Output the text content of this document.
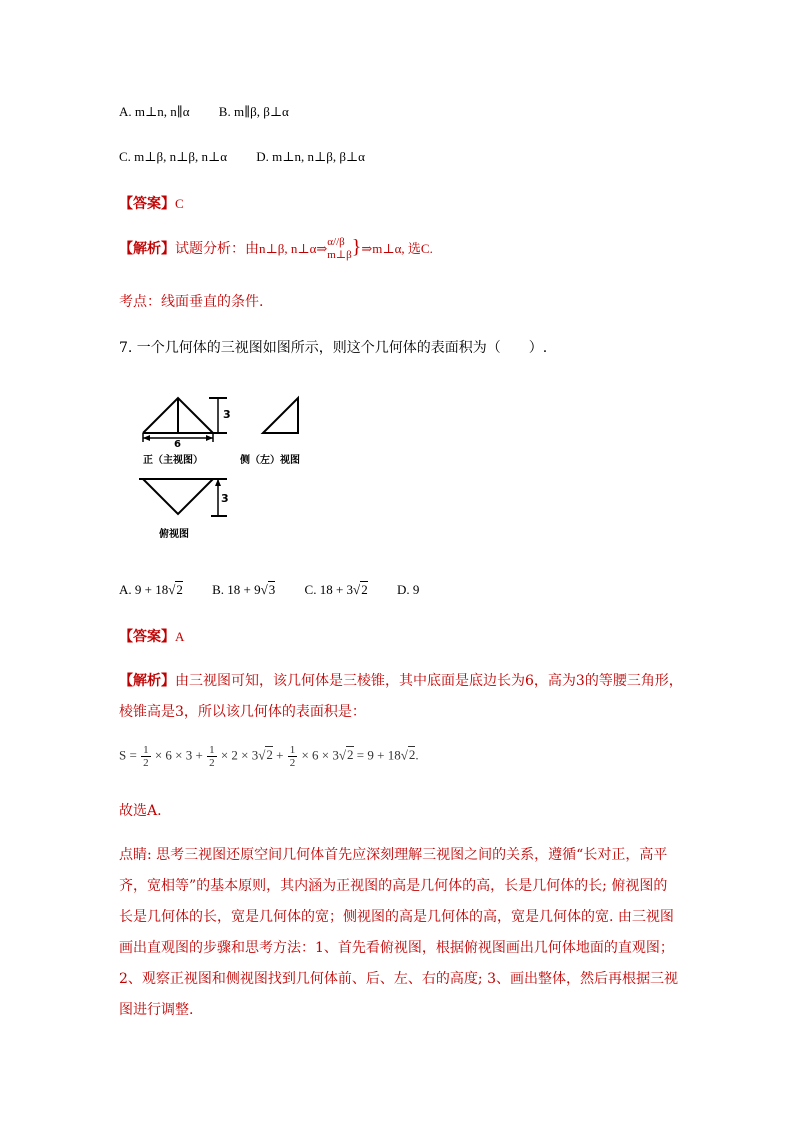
A. m⊥n, n∥α B. m∥β, β⊥α
C. m⊥β, n⊥β, n⊥α D. m⊥n, n⊥β, β⊥α
【答案】C
【解析】试题分析：由n⊥β, n⊥α⇒ α//β
m⊥β }⇒m⊥α, 选C.
考点：线面垂直的条件.
7. 一个几何体的三视图如图所示，则这个几何体的表面积为（　　）.
6
3
正（主视图）	侧（左）视图
3
俯视图
A. 9 + 18√2 B. 18 + 9√3 C. 18 + 3√2 D. 9
【答案】A
【解析】由三视图可知，该几何体是三棱锥，其中底面是底边长为6，高为3的等腰三角形，
棱锥高是3，所以该几何体的表面积是：
$S = \frac{1}{2} \times 6 \times 3 + \frac{1}{2} \times 2 \times 3√2 + \frac{1}{2} \times 6 \times 3√2 = 9 + 18√2$.
故选A.
点睛: 思考三视图还原空间几何体首先应深刻理解三视图之间的关系，遵循“长对正，高平
齐，宽相等”的基本原则，其内涵为正视图的高是几何体的高，长是几何体的长; 俯视图的
长是几何体的长，宽是几何体的宽；侧视图的高是几何体的高，宽是几何体的宽. 由三视图
画出直观图的步骤和思考方法：1、首先看俯视图，根据俯视图画出几何体地面的直观图；
2、观察正视图和侧视图找到几何体前、后、左、右的高度; 3、画出整体，然后再根据三视
图进行调整.
